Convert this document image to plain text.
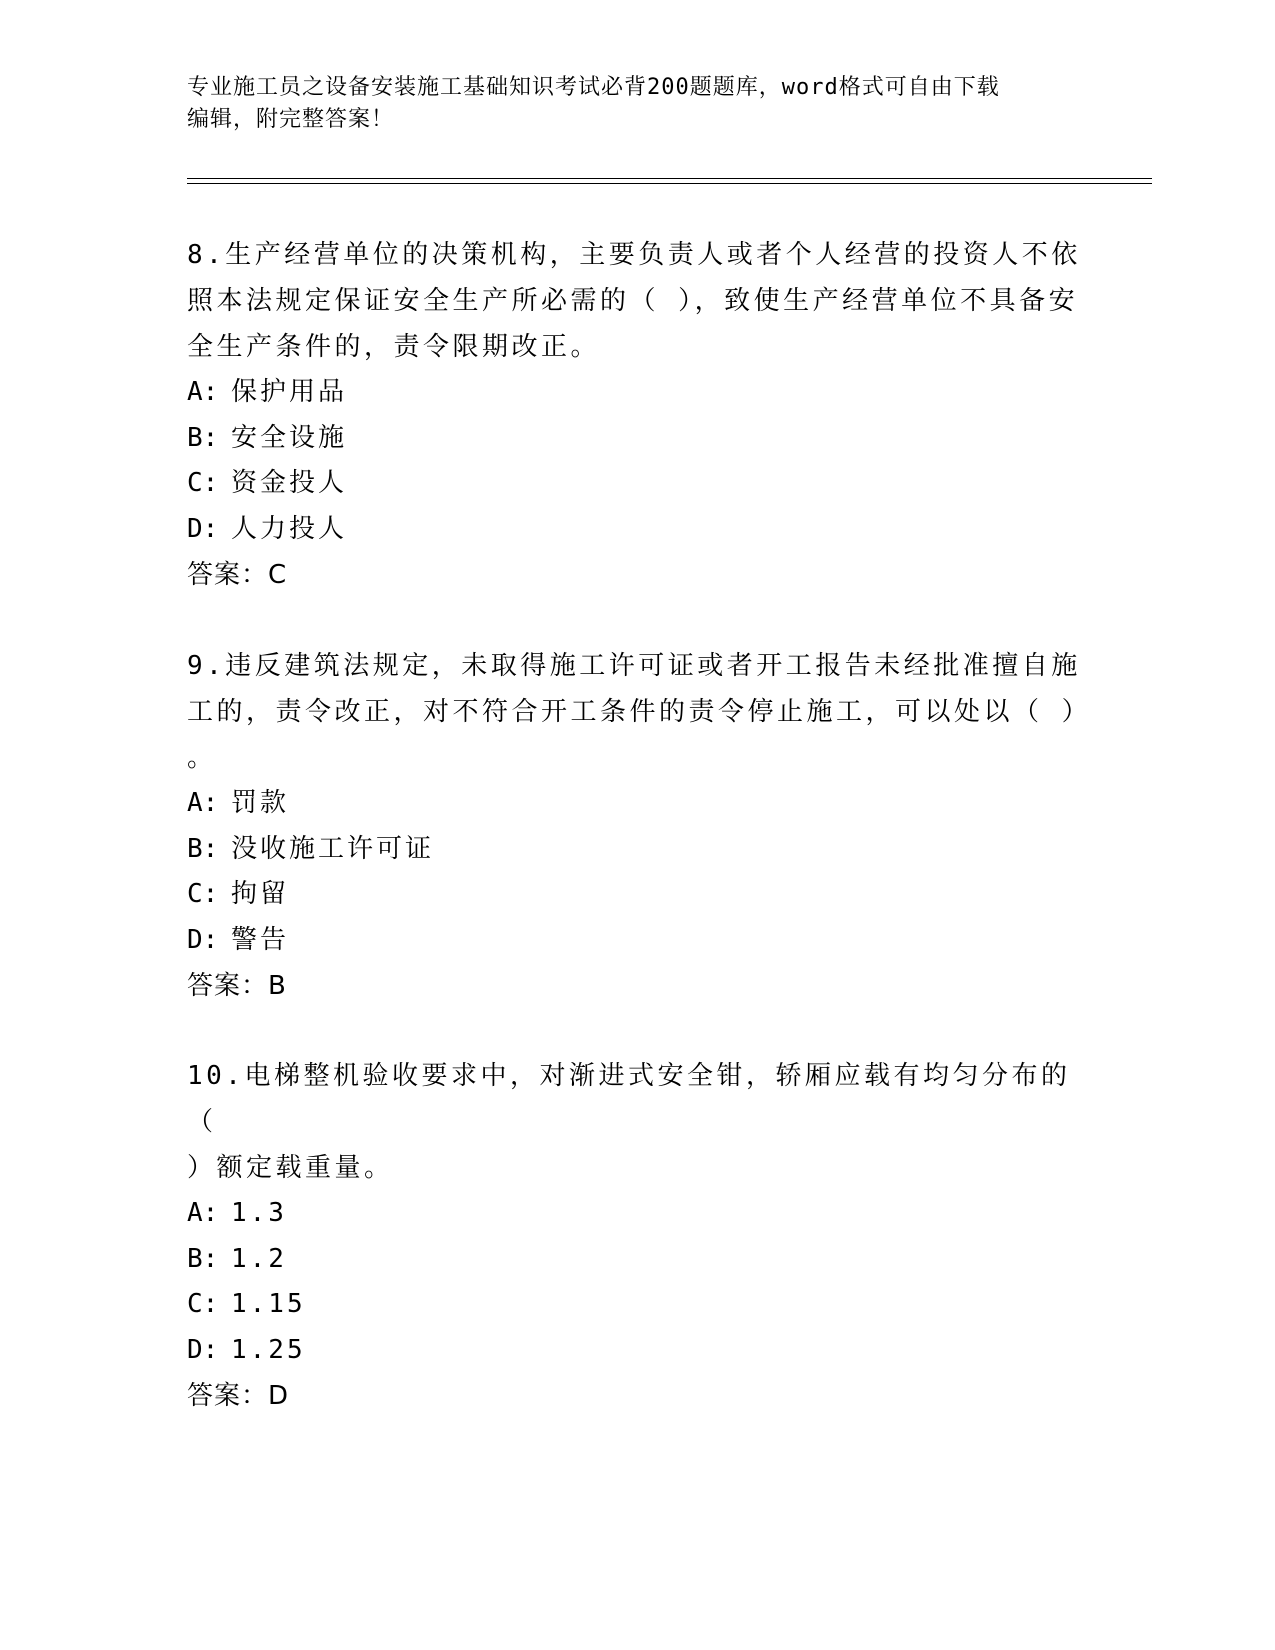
专业施工员之设备安装施工基础知识考试必背200题题库，word格式可自由下载
编辑，附完整答案！
8.生产经营单位的决策机构，主要负责人或者个人经营的投资人不依
照本法规定保证安全生产所必需的（ ），致使生产经营单位不具备安
全生产条件的，责令限期改正。
A: 保护用品
B: 安全设施
C: 资金投人
D: 人力投人
答案：C
9.违反建筑法规定，未取得施工许可证或者开工报告未经批准擅自施
工的，责令改正，对不符合开工条件的责令停止施工，可以处以（ ）
。
A: 罚款
B: 没收施工许可证
C: 拘留
D: 警告
答案：B
10.电梯整机验收要求中，对渐进式安全钳，轿厢应载有均匀分布的（
）额定载重量。
A: 1.3
B: 1.2
C: 1.15
D: 1.25
答案：D
